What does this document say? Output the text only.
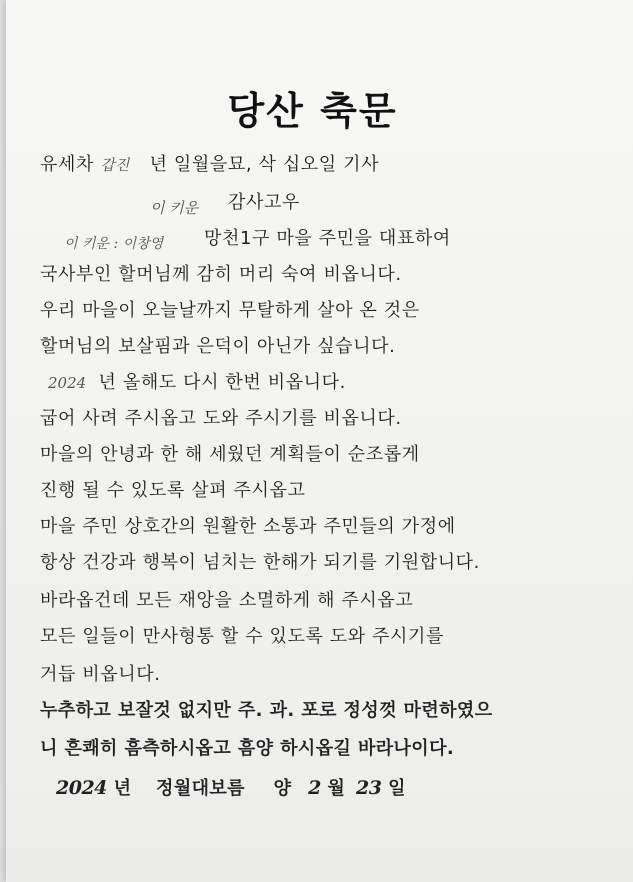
당산 축문
유세차 갑진 년 일월을묘, 삭 십오일 기사
이 키운 감사고우
이 키운 : 이창영 망천1구 마을 주민을 대표하여
국사부인 할머님께 감히 머리 숙여 비옵니다.
우리 마을이 오늘날까지 무탈하게 살아 온 것은
할머님의 보살핌과 은덕이 아닌가 싶습니다.
2024 년 올해도 다시 한번 비옵니다.
굽어 사려 주시옵고 도와 주시기를 비옵니다.
마을의 안녕과 한 해 세웠던 계획들이 순조롭게
진행 될 수 있도록 살펴 주시옵고
마을 주민 상호간의 원활한 소통과 주민들의 가정에
항상 건강과 행복이 넘치는 한해가 되기를 기원합니다.
바라옵건데 모든 재앙을 소멸하게 해 주시옵고
모든 일들이 만사형통 할 수 있도록 도와 주시기를
거듭 비옵니다.
누추하고 보잘것 없지만 주. 과. 포로 정성껏 마련하였으
니 흔쾌히 흠측하시옵고 흠양 하시옵길 바라나이다.
2024 년 정월대보름 양 2 월 23 일
